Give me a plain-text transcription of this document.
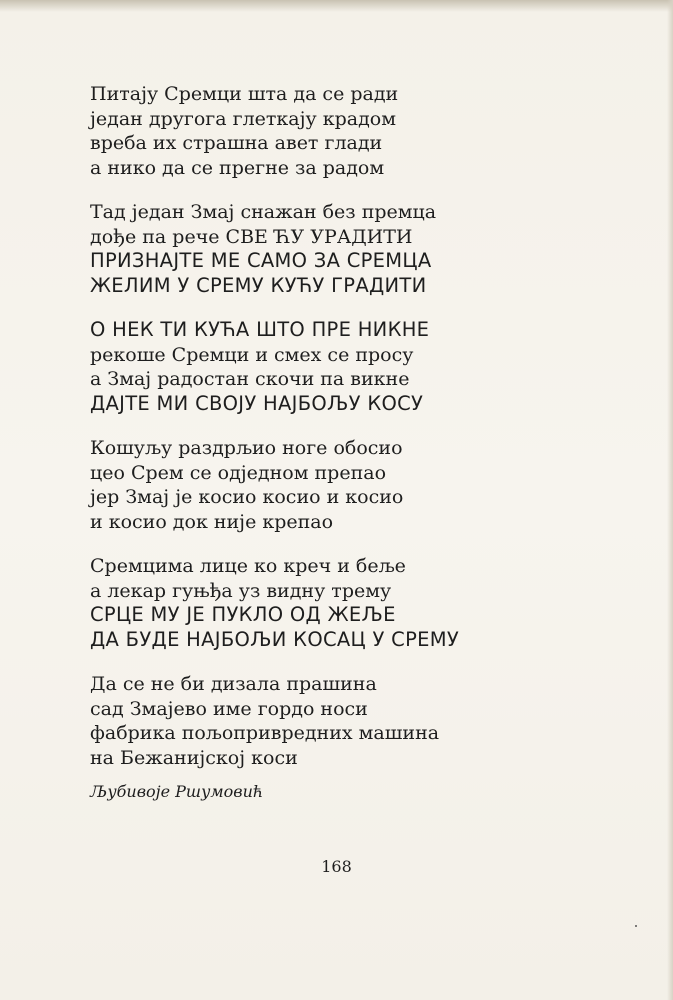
Питају Сремци шта да се ради
један другога глеткају крадом
вреба их страшна авет глади
а нико да се прегне за радом
Тад један Змај снажан без премца
дође па рече СВЕ ЋУ УРАДИТИ
ПРИЗНАЈТЕ МЕ САМО ЗА СРЕМЦА
ЖЕЛИМ У СРЕМУ КУЋУ ГРАДИТИ
О НЕК ТИ КУЋА ШТО ПРЕ НИКНЕ
рекоше Сремци и смех се просу
а Змај радостан скочи па викне
ДАЈТЕ МИ СВОЈУ НАЈБОЉУ КОСУ
Кошуљу раздрљио ноге обосио
цео Срем се одједном препао
јер Змај је косио косио и косио
и косио док није крепао
Сремцима лице ко креч и беље
а лекар гуњђа уз видну трему
СРЦЕ МУ ЈЕ ПУКЛО ОД ЖЕЉЕ
ДА БУДЕ НАЈБОЉИ КОСАЦ У СРЕМУ
Да се не би дизала прашина
сад Змајево име гордо носи
фабрика пољопривредних машина
на Бежанијској коси
Љубивоје Ршумовић
168
